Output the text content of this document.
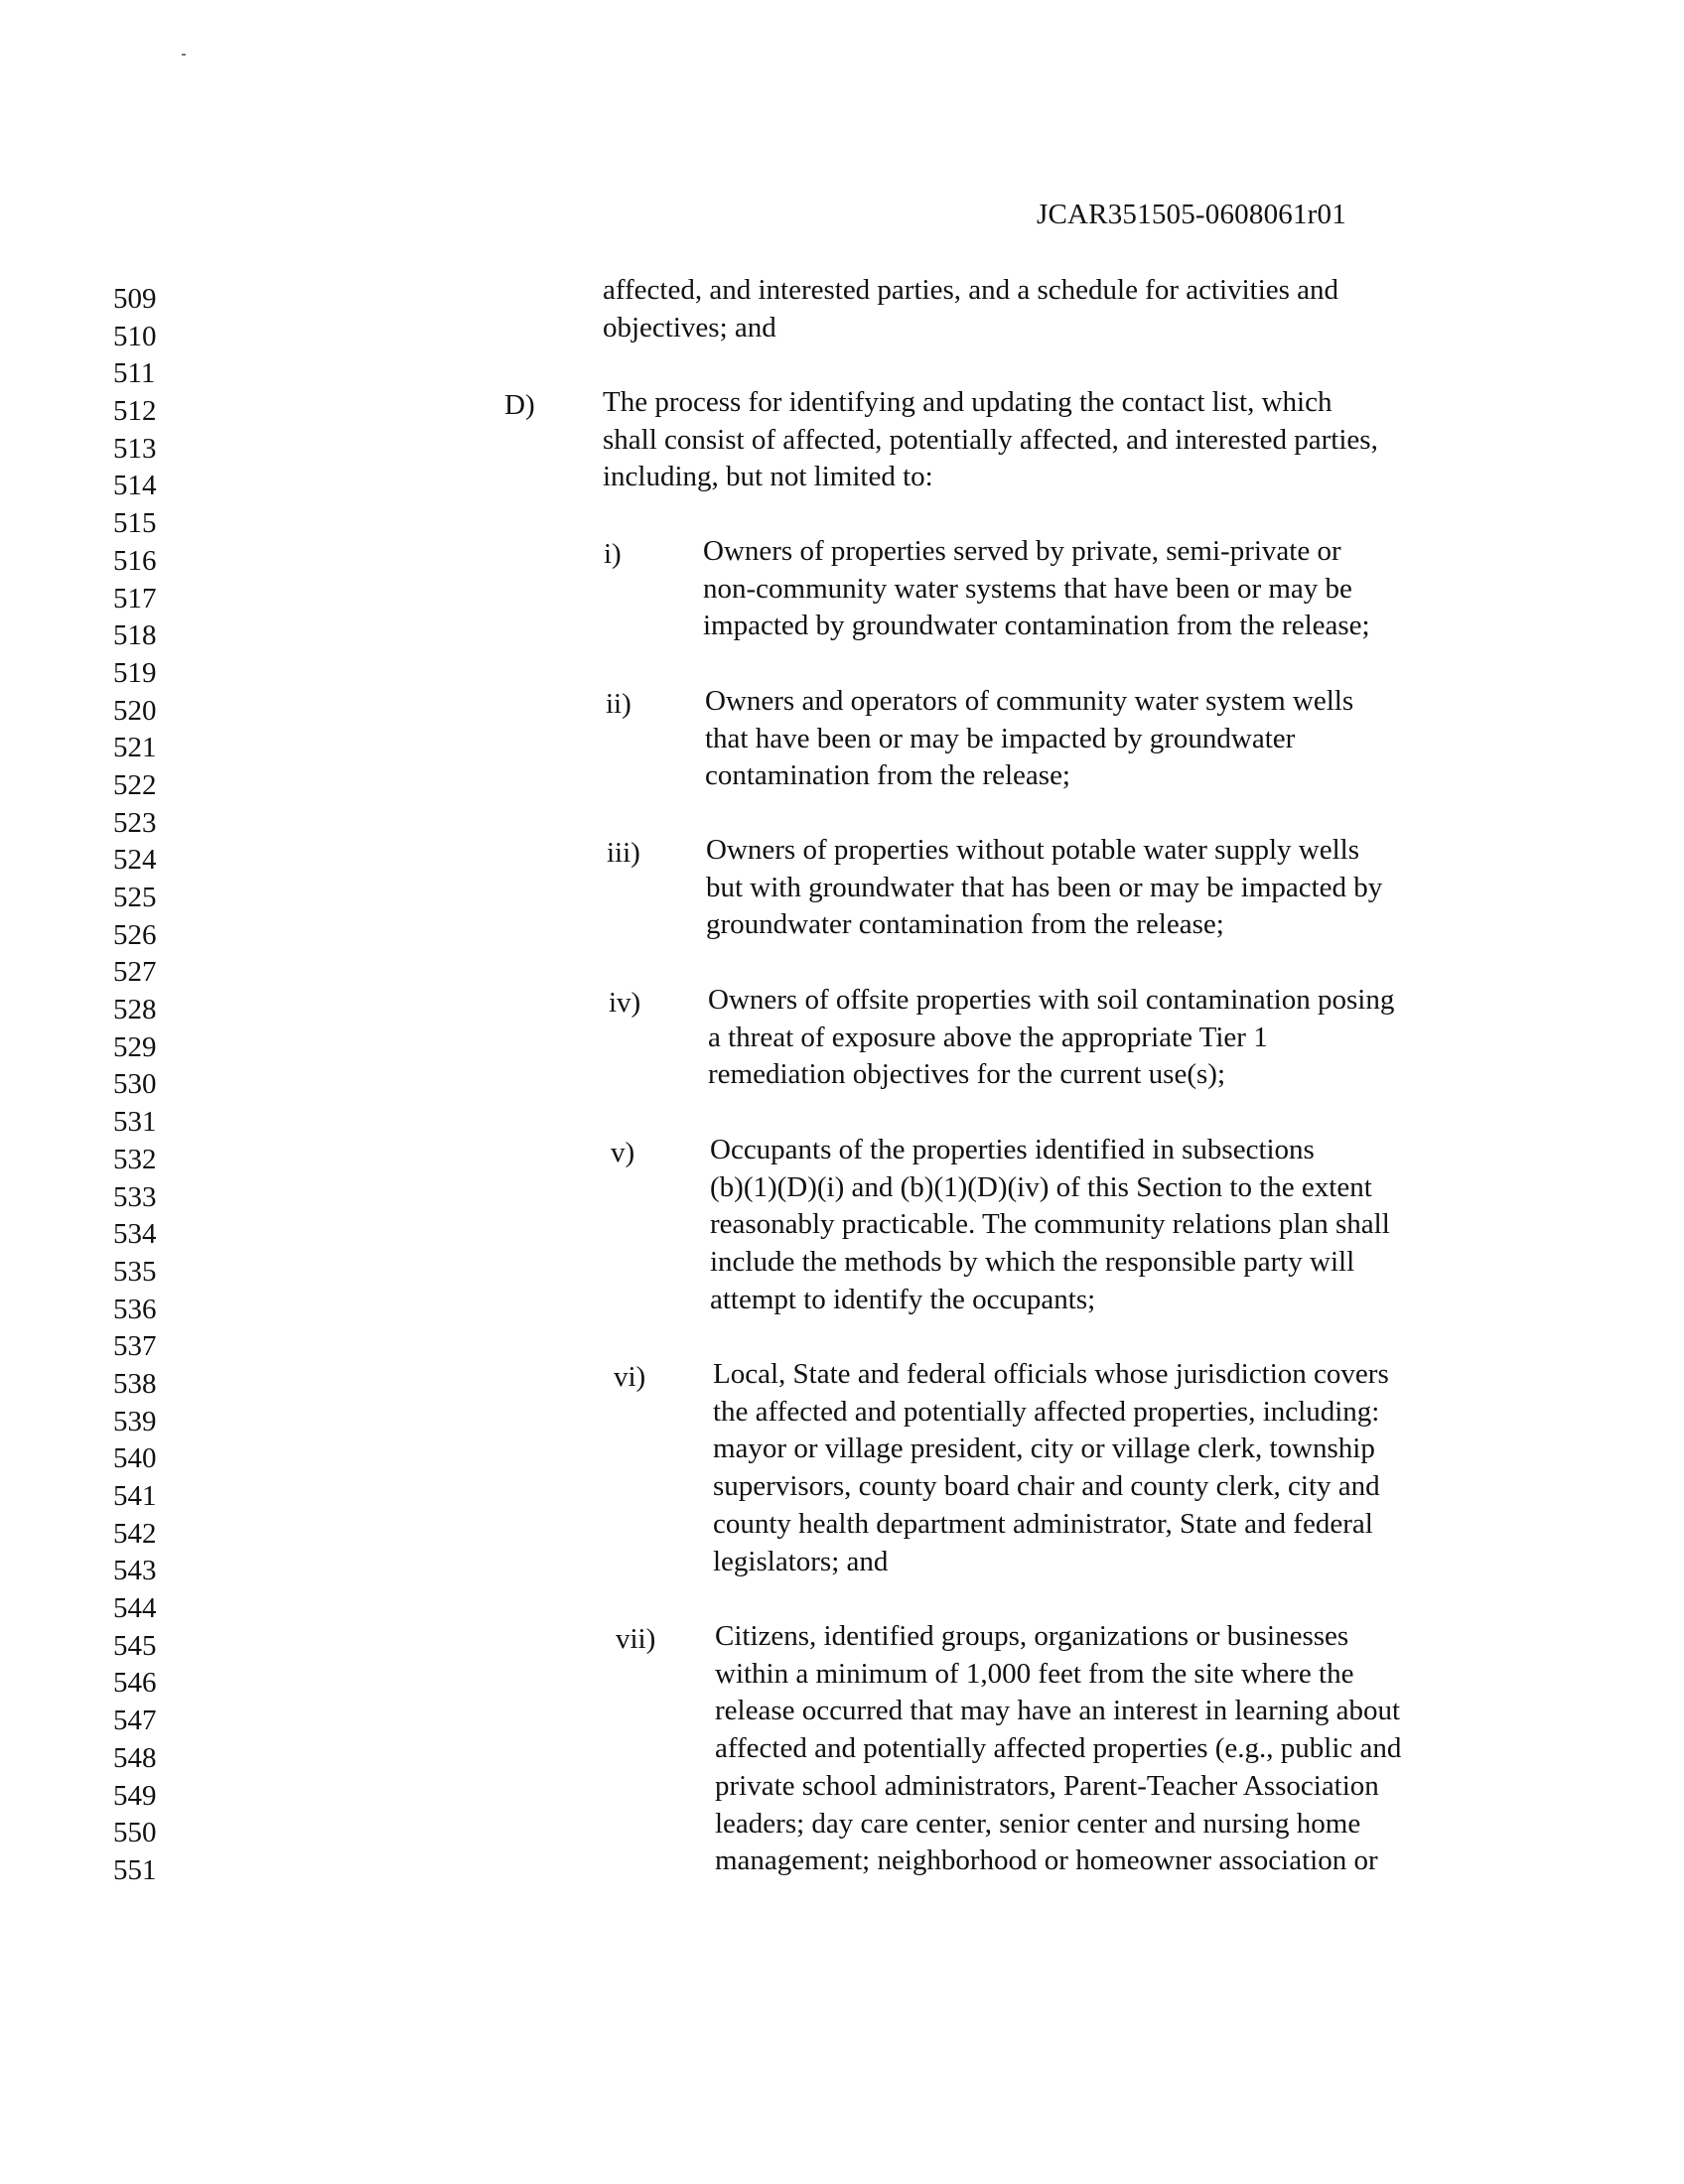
JCAR351505-0608061r01
509
510
511
512
513
514
515
516
517
518
519
520
521
522
523
524
525
526
527
528
529
530
531
532
533
534
535
536
537
538
539
540
541
542
543
544
545
546
547
548
549
550
551
affected, and interested parties, and a schedule for activities and
objectives; and
D) The process for identifying and updating the contact list, which
shall consist of affected, potentially affected, and interested parties,
including, but not limited to:
i)	Owners of properties served by private, semi-private or
non-community water systems that have been or may be
impacted by groundwater contamination from the release;
ii)	Owners and operators of community water system wells
that have been or may be impacted by groundwater
contamination from the release;
iii) Owners of properties without potable water supply wells
but with groundwater that has been or may be impacted by
groundwater contamination from the release;
iv) Owners of offsite properties with soil contamination posing
a threat of exposure above the appropriate Tier 1
remediation objectives for the current use(s);
v)	Occupants of the properties identified in subsections
(b)(1)(D)(i) and (b)(1)(D)(iv) of this Section to the extent
reasonably practicable. The community relations plan shall
include the methods by which the responsible party will
attempt to identify the occupants;
vi) Local, State and federal officials whose jurisdiction covers
the affected and potentially affected properties, including:
mayor or village president, city or village clerk, township
supervisors, county board chair and county clerk, city and
county health department administrator, State and federal
legislators; and
vii) Citizens, identified groups, organizations or businesses
within a minimum of 1,000 feet from the site where the
release occurred that may have an interest in learning about
affected and potentially affected properties (e.g., public and
private school administrators, Parent-Teacher Association
leaders; day care center, senior center and nursing home
management; neighborhood or homeowner association or
